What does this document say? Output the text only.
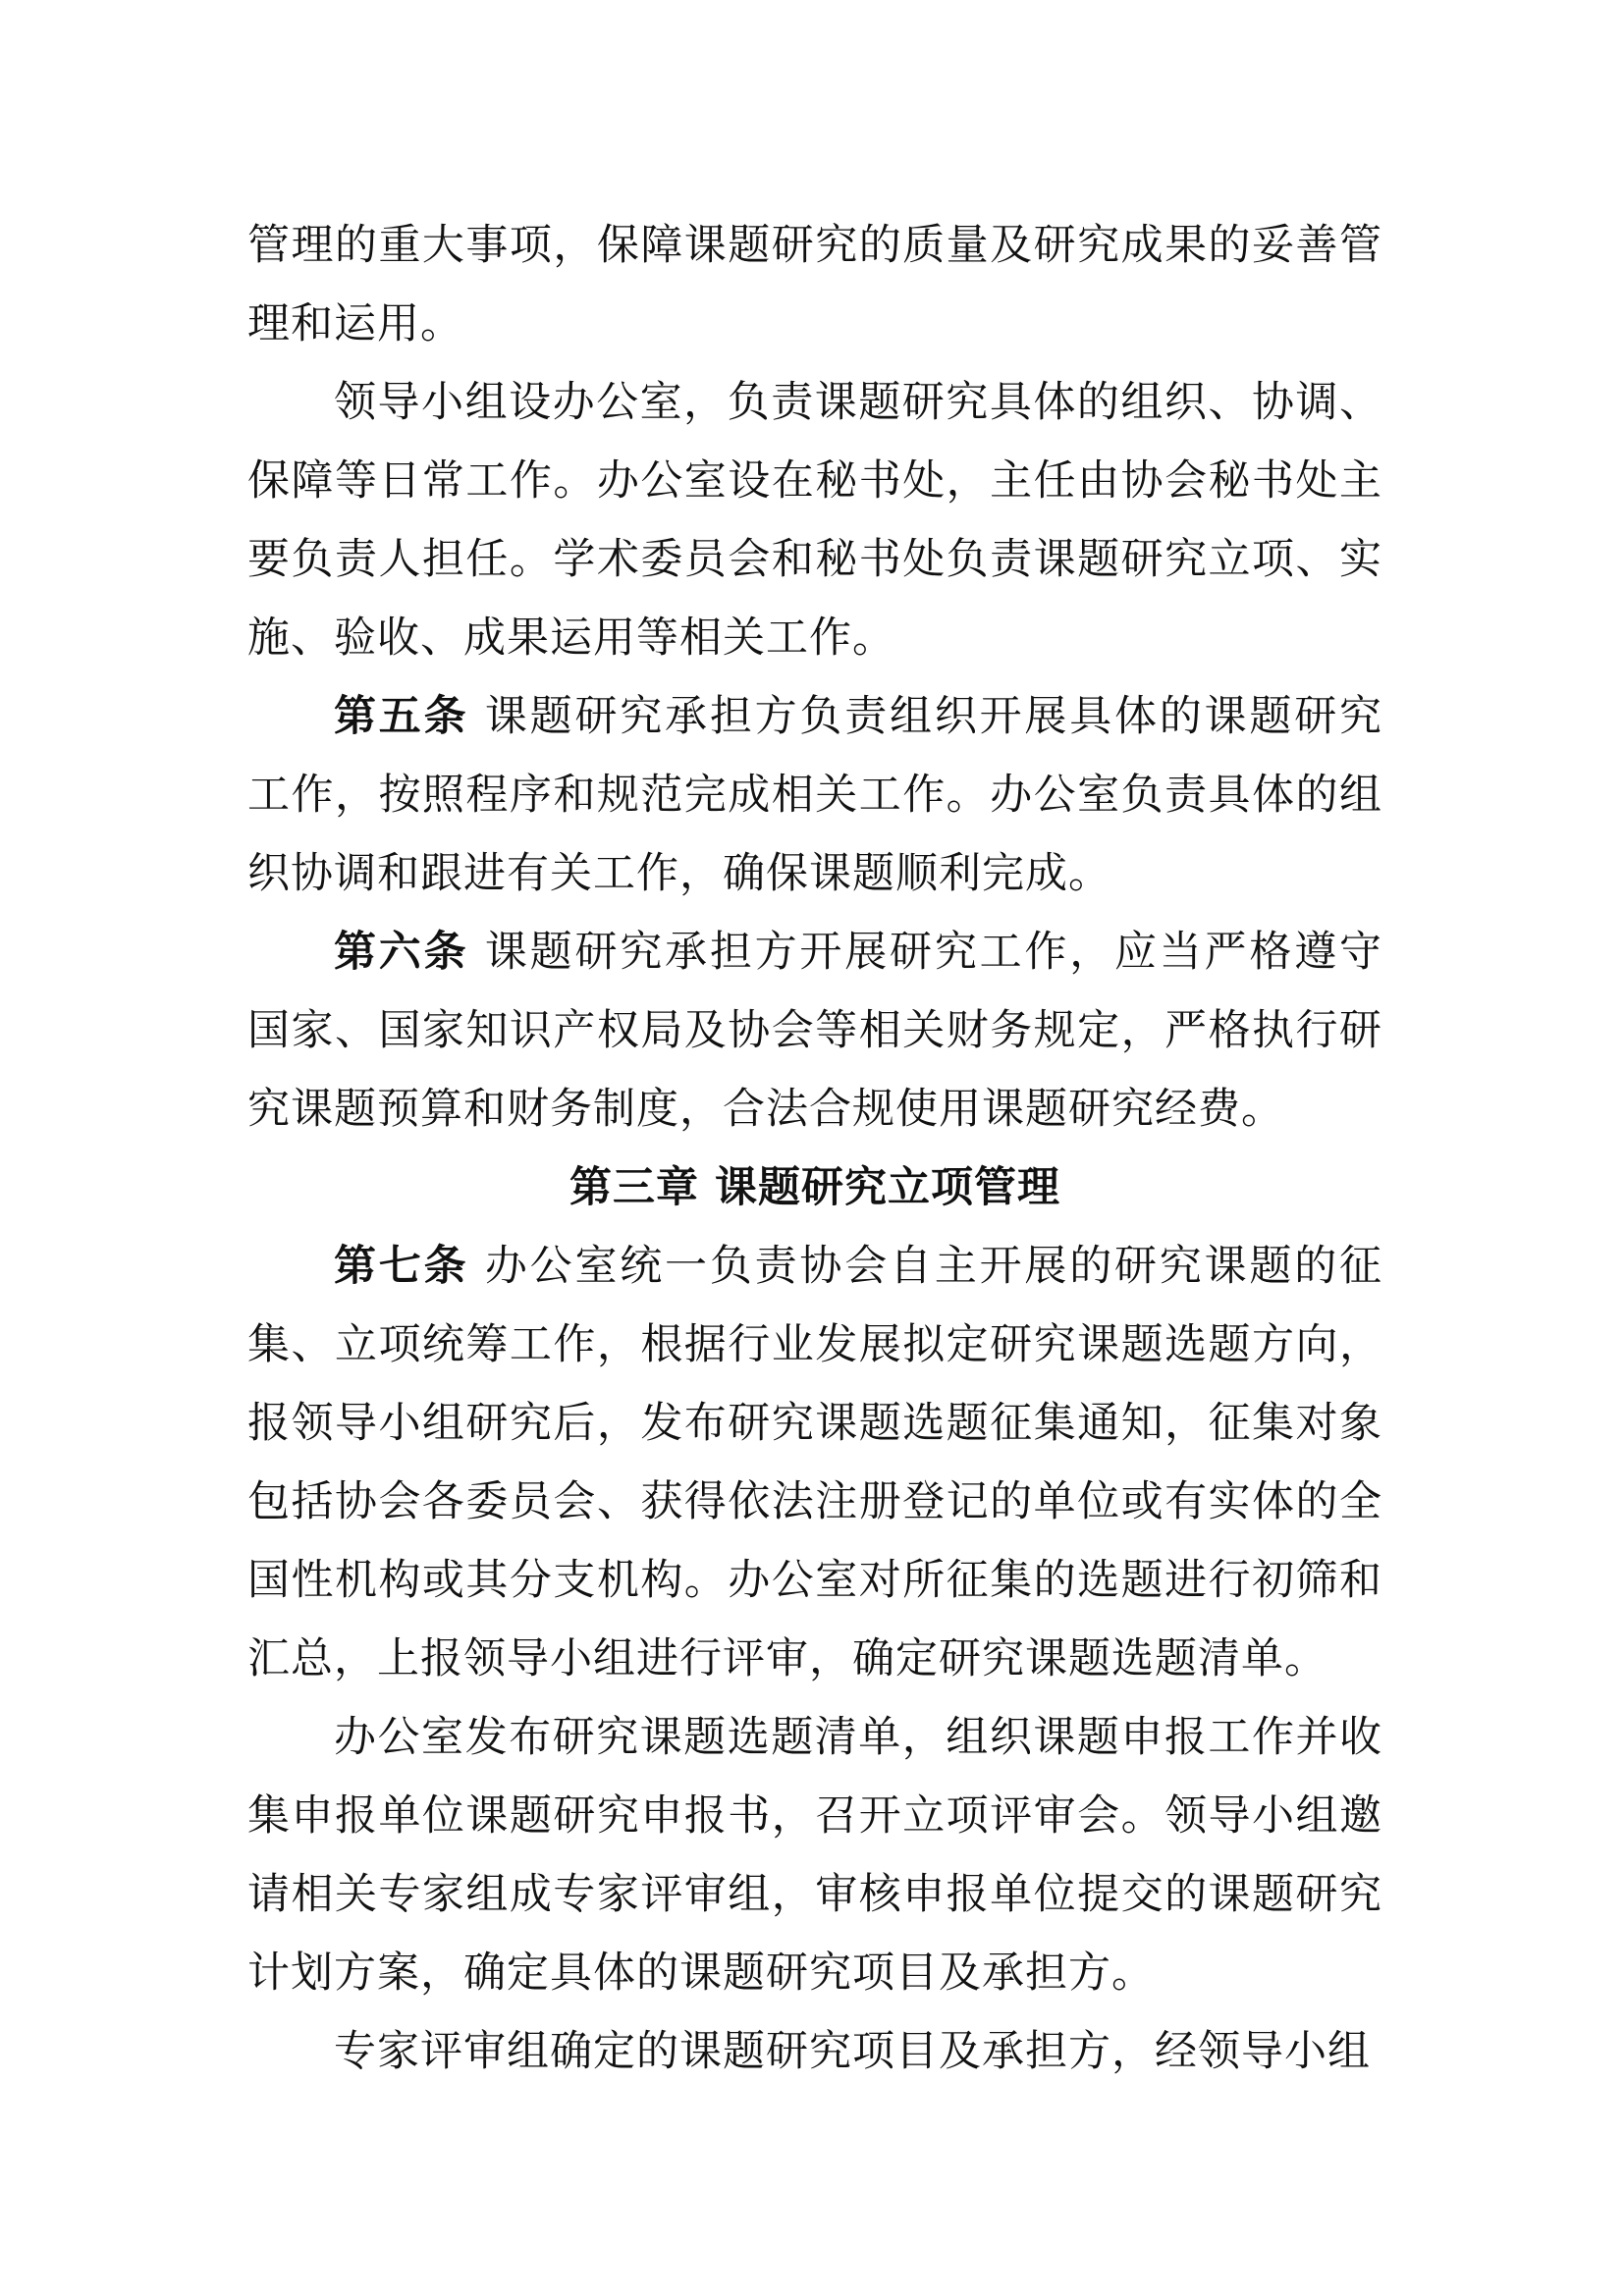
管理的重大事项，保障课题研究的质量及研究成果的妥善管理和运用。

领导小组设办公室，负责课题研究具体的组织、协调、保障等日常工作。办公室设在秘书处，主任由协会秘书处主要负责人担任。学术委员会和秘书处负责课题研究立项、实施、验收、成果运用等相关工作。

第五条 课题研究承担方负责组织开展具体的课题研究工作，按照程序和规范完成相关工作。办公室负责具体的组织协调和跟进有关工作，确保课题顺利完成。

第六条 课题研究承担方开展研究工作，应当严格遵守国家、国家知识产权局及协会等相关财务规定，严格执行研究课题预算和财务制度，合法合规使用课题研究经费。

第三章 课题研究立项管理

第七条 办公室统一负责协会自主开展的研究课题的征集、立项统筹工作，根据行业发展拟定研究课题选题方向，报领导小组研究后，发布研究课题选题征集通知，征集对象包括协会各委员会、获得依法注册登记的单位或有实体的全国性机构或其分支机构。办公室对所征集的选题进行初筛和汇总，上报领导小组进行评审，确定研究课题选题清单。

办公室发布研究课题选题清单，组织课题申报工作并收集申报单位课题研究申报书，召开立项评审会。领导小组邀请相关专家组成专家评审组，审核申报单位提交的课题研究计划方案，确定具体的课题研究项目及承担方。

专家评审组确定的课题研究项目及承担方，经领导小组
